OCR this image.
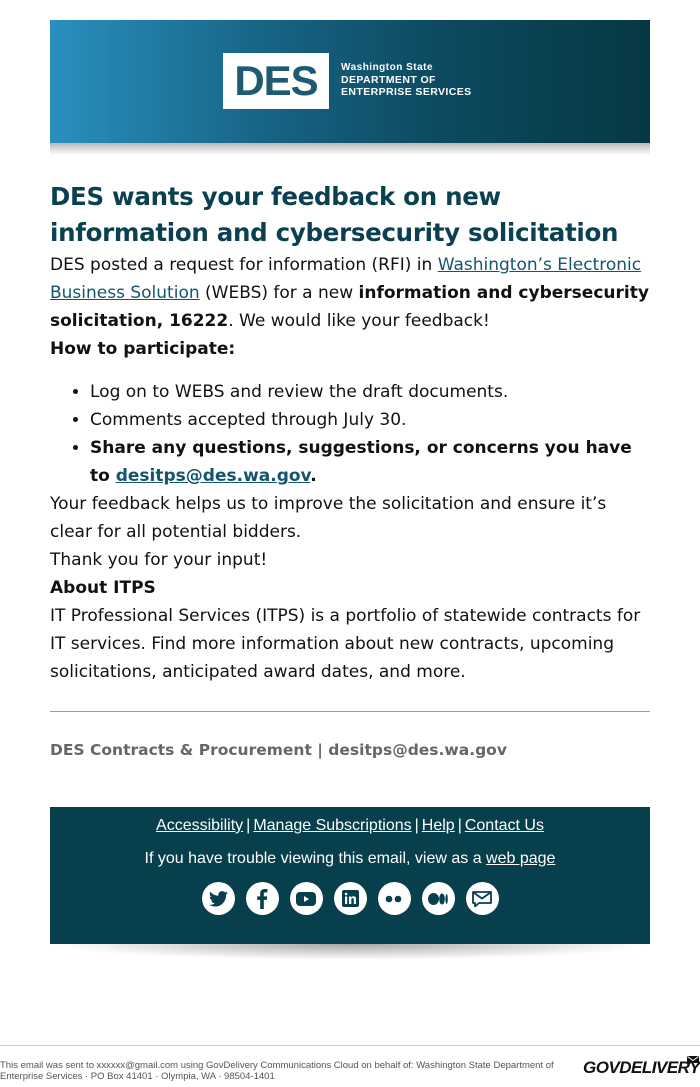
DES Washington State
DEPARTMENT OF
ENTERPRISE SERVICES
DES wants your feedback on new information and cybersecurity solicitation

DES posted a request for information (RFI) in Washington’s Electronic Business Solution (WEBS) for a new information and cybersecurity solicitation, 16222. We would like your feedback!

How to participate:

• Log on to WEBS and review the draft documents.
• Comments accepted through July 30.
• Share any questions, suggestions, or concerns you have to desitps@des.wa.gov.

Your feedback helps us to improve the solicitation and ensure it’s clear for all potential bidders.

Thank you for your input!

About ITPS

IT Professional Services (ITPS) is a portfolio of statewide contracts for IT services. Find more information about new contracts, upcoming solicitations, anticipated award dates, and more.

DES Contracts & Procurement | desitps@des.wa.gov
Accessibility | Manage Subscriptions | Help | Contact Us
If you have trouble viewing this email, view as a web page
This email was sent to xxxxxx@gmail.com using GovDelivery Communications Cloud on behalf of: Washington State Department of Enterprise Services · PO Box 41401 · Olympia, WA · 98504-1401	GOVDELIVERY
